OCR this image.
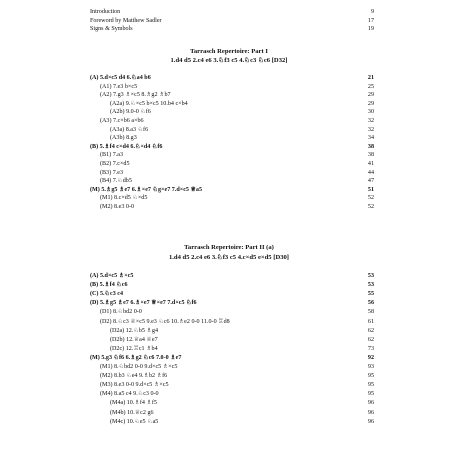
Introduction	9
Foreword by Matthew Sadler	17
Signs & Symbols	19
Tarrasch Repertoire: Part I
1.d4 d5 2.c4 e6 3.♘f3 c5 4.♘c3 ♘c6 [D32]
(A) 5.d×c5 d4 6.♘a4 b6	21
(A1) 7.e3 b×c5	25
(A2) 7.g3 ♗×c5 8.♗g2 ♗b7	29
(A2a) 9.♘×c5 b×c5 10.b4 c×b4	29
(A2b) 9.0-0 ♘f6	30
(A3) 7.c×b6 a×b6	32
(A3a) 8.a3 ♘f6	32
(A3b) 8.g3	34
(B) 5.♗f4 c×d4 6.♘×d4 ♘f6	38
(B1) 7.a3	38
(B2) 7.c×d5	41
(B3) 7.e3	44
(B4) 7.♘db5	47
(M) 5.♗g5 ♗e7 6.♗×e7 ♘g×e7 7.d×c5 ♕a5	51
(M1) 8.c×d5 ♘×d5	52
(M2) 8.e3 0-0	52
Tarrasch Repertoire: Part II (a)
1.d4 d5 2.c4 e6 3.♘f3 c5 4.c×d5 e×d5 [D30]
(A) 5.d×c5 ♗×c5	53
(B) 5.♗f4 ♘c6	53
(C) 5.♘c3 c4	55
(D) 5.♗g5 ♗e7 6.♗×e7 ♕×e7 7.d×c5 ♘f6	56
(D1) 8.♘bd2 0-0	58
(D2) 8.♘c3 ♕×c5 9.e3 ♘c6 10.♗e2 0-0 11.0-0 ♖d8	61
(D2a) 12.♘b5 ♗g4	62
(D2b) 12.♕a4 ♕e7	62
(D2c) 12.♖c1 ♗b4	73
(M) 5.g3 ♘f6 6.♗g2 ♘c6 7.0-0 ♗e7	92
(M1) 8.♘bd2 0-0 9.d×c5 ♗×c5	93
(M2) 8.b3 ♘e4 9.♗b2 ♗f6	95
(M3) 8.e3 0-0 9.d×c5 ♗×c5	95
(M4) 8.a5 c4 9.♘c3 0-0	95
(M4a) 10.♗f4 ♗f5	96
(M4b) 10.♕c2 g6	96
(M4c) 10.♘e5 ♘a5	96
